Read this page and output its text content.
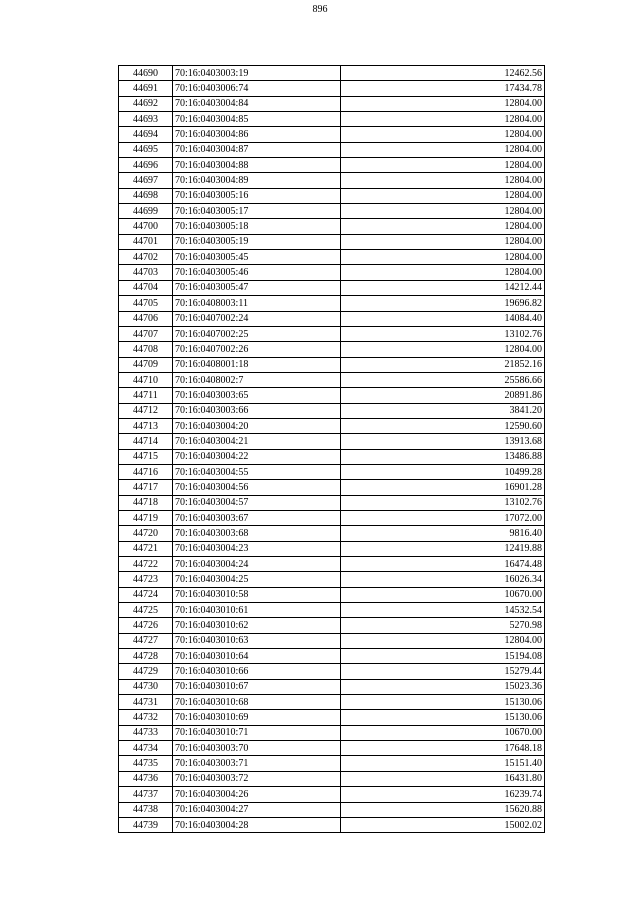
896
44690	70:16:0403003:19	12462.56
44691	70:16:0403006:74	17434.78
44692	70:16:0403004:84	12804.00
44693	70:16:0403004:85	12804.00
44694	70:16:0403004:86	12804.00
44695	70:16:0403004:87	12804.00
44696	70:16:0403004:88	12804.00
44697	70:16:0403004:89	12804.00
44698	70:16:0403005:16	12804.00
44699	70:16:0403005:17	12804.00
44700	70:16:0403005:18	12804.00
44701	70:16:0403005:19	12804.00
44702	70:16:0403005:45	12804.00
44703	70:16:0403005:46	12804.00
44704	70:16:0403005:47	14212.44
44705	70:16:0408003:11	19696.82
44706	70:16:0407002:24	14084.40
44707	70:16:0407002:25	13102.76
44708	70:16:0407002:26	12804.00
44709	70:16:0408001:18	21852.16
44710	70:16:0408002:7	25586.66
44711	70:16:0403003:65	20891.86
44712	70:16:0403003:66	3841.20
44713	70:16:0403004:20	12590.60
44714	70:16:0403004:21	13913.68
44715	70:16:0403004:22	13486.88
44716	70:16:0403004:55	10499.28
44717	70:16:0403004:56	16901.28
44718	70:16:0403004:57	13102.76
44719	70:16:0403003:67	17072.00
44720	70:16:0403003:68	9816.40
44721	70:16:0403004:23	12419.88
44722	70:16:0403004:24	16474.48
44723	70:16:0403004:25	16026.34
44724	70:16:0403010:58	10670.00
44725	70:16:0403010:61	14532.54
44726	70:16:0403010:62	5270.98
44727	70:16:0403010:63	12804.00
44728	70:16:0403010:64	15194.08
44729	70:16:0403010:66	15279.44
44730	70:16:0403010:67	15023.36
44731	70:16:0403010:68	15130.06
44732	70:16:0403010:69	15130.06
44733	70:16:0403010:71	10670.00
44734	70:16:0403003:70	17648.18
44735	70:16:0403003:71	15151.40
44736	70:16:0403003:72	16431.80
44737	70:16:0403004:26	16239.74
44738	70:16:0403004:27	15620.88
44739	70:16:0403004:28	15002.02
